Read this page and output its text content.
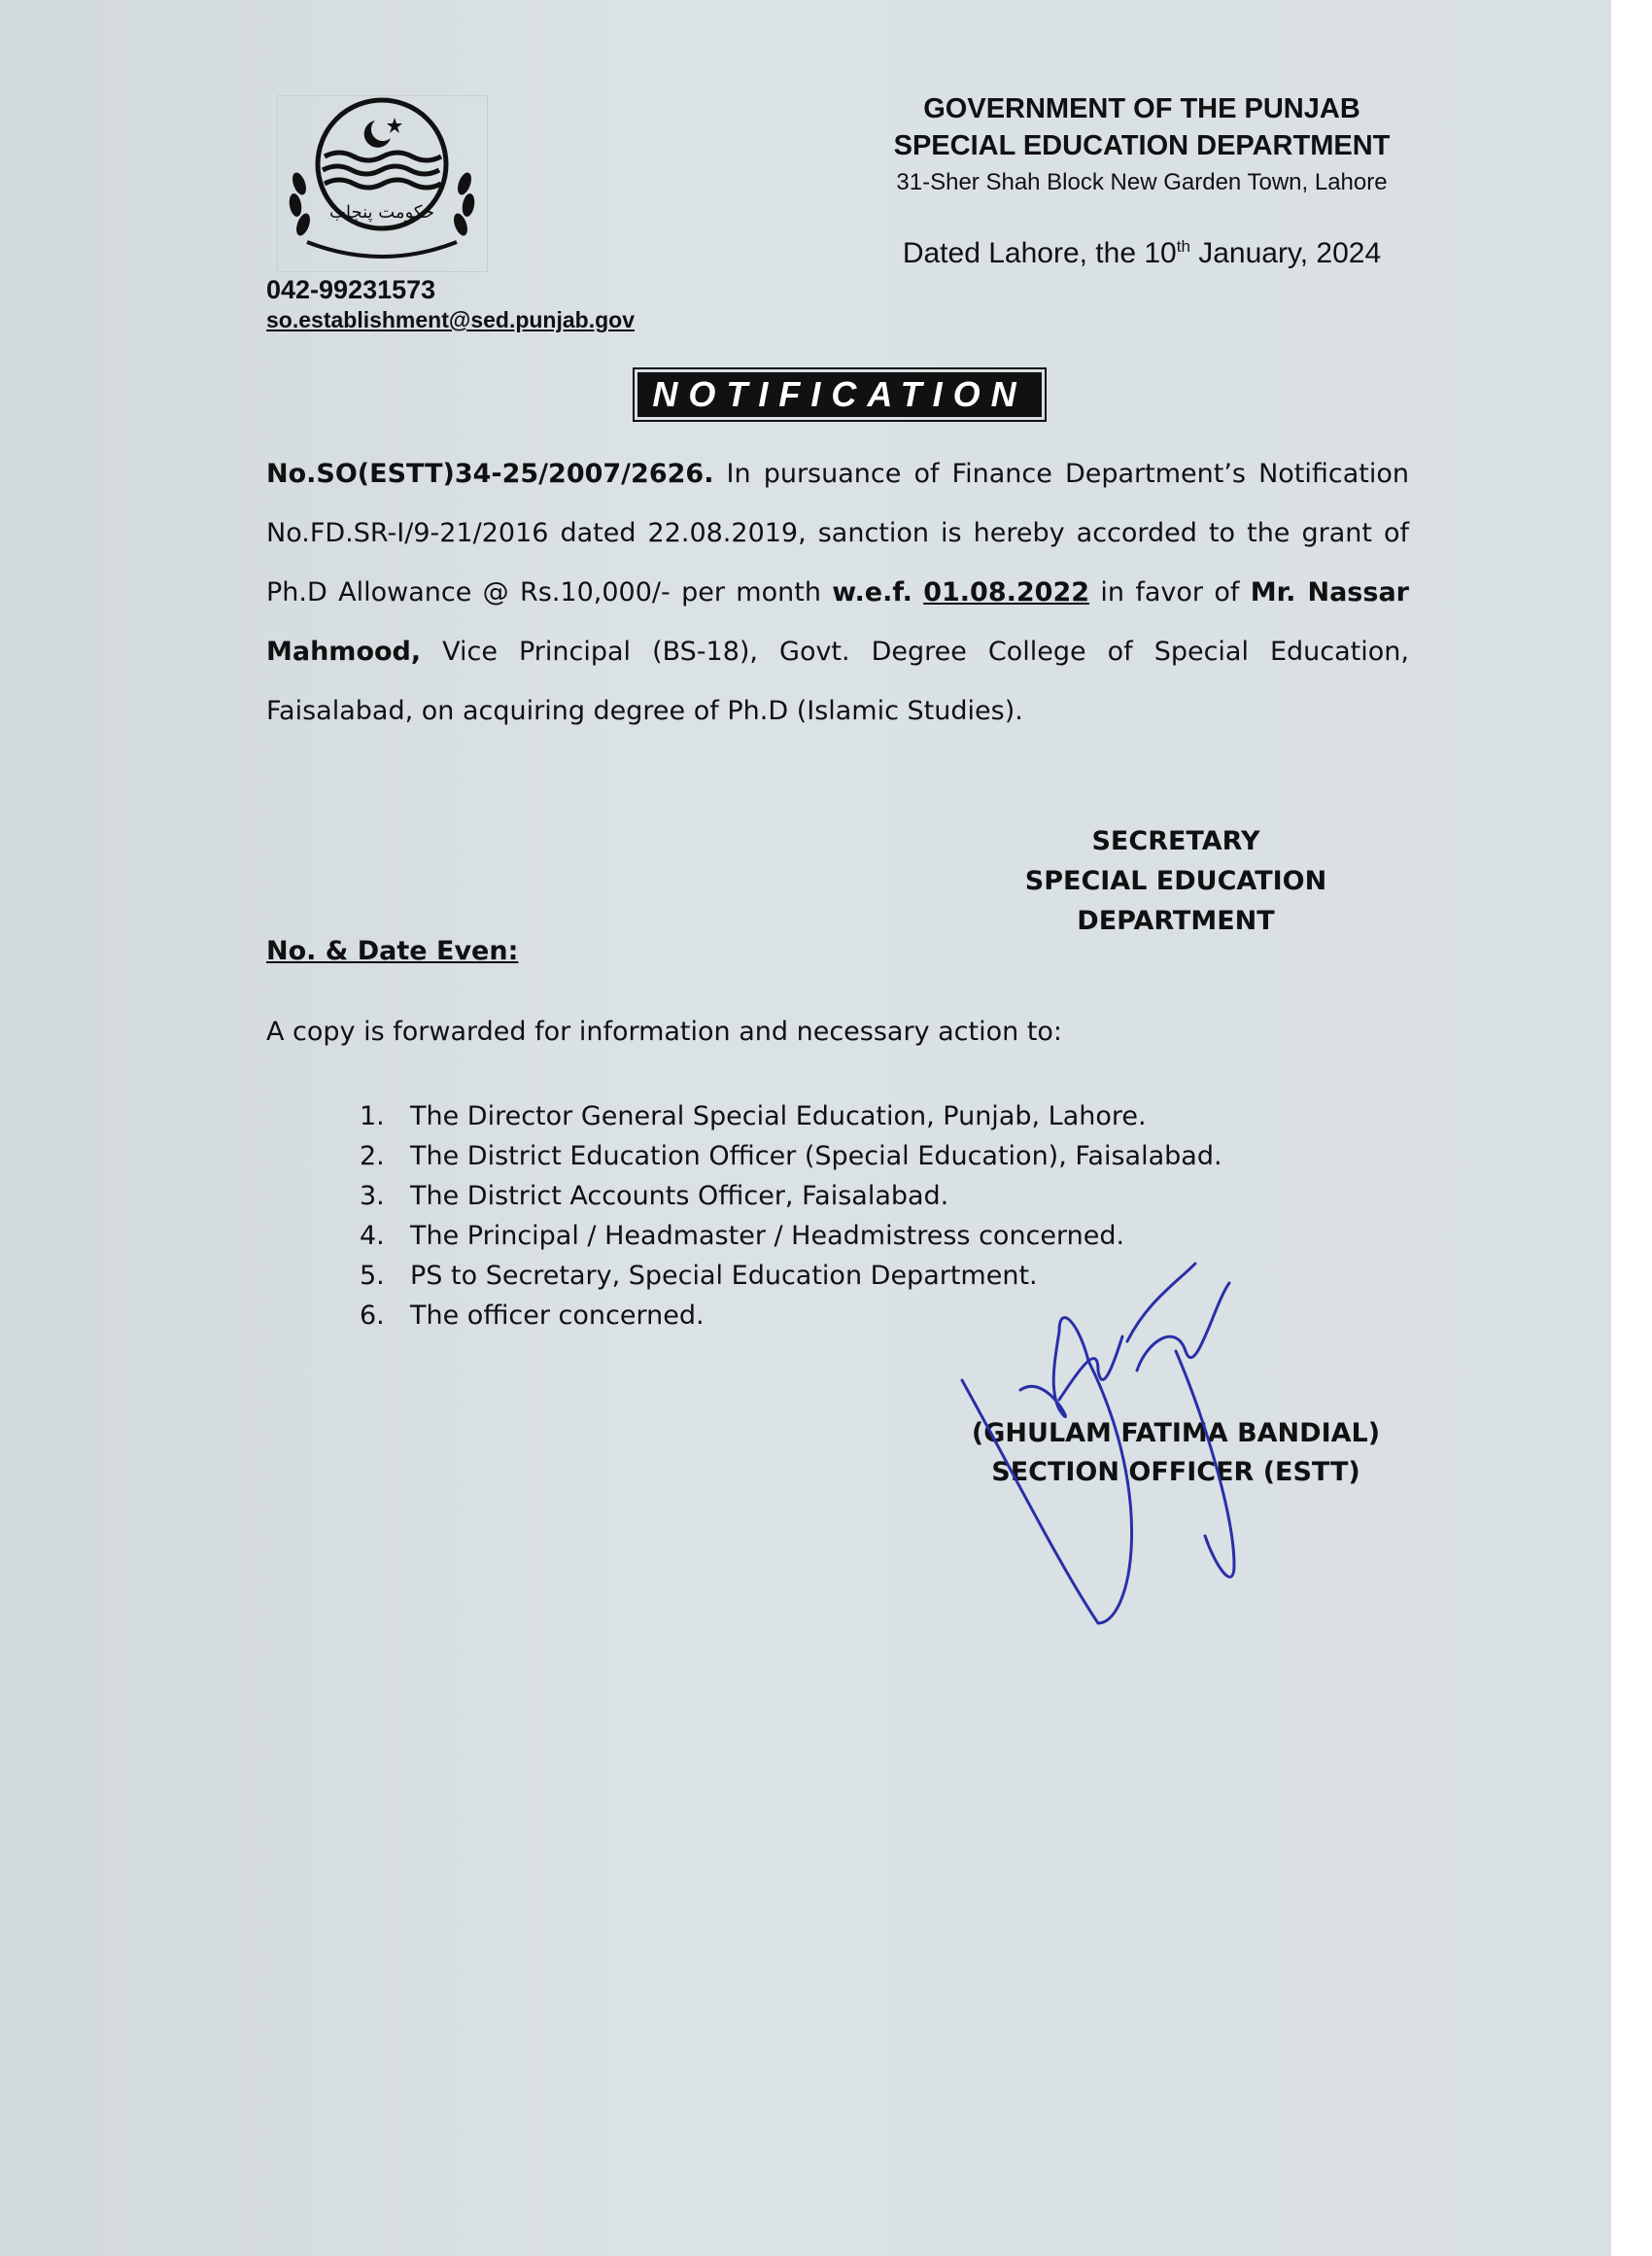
حکومت پنجاب
GOVERNMENT OF THE PUNJAB
SPECIAL EDUCATION DEPARTMENT
31-Sher Shah Block New Garden Town, Lahore
Dated Lahore, the 10th January, 2024
042-99231573
so.establishment@sed.punjab.gov
NOTIFICATION
No.SO(ESTT)34-25/2007/2626. In pursuance of Finance Department’s Notification No.FD.SR-I/9-21/2016 dated 22.08.2019, sanction is hereby accorded to the grant of Ph.D Allowance @ Rs.10,000/- per month w.e.f. 01.08.2022 in favor of Mr. Nassar Mahmood, Vice Principal (BS-18), Govt. Degree College of Special Education, Faisalabad, on acquiring degree of Ph.D (Islamic Studies).
SECRETARY
SPECIAL EDUCATION
DEPARTMENT
No. & Date Even:
A copy is forwarded for information and necessary action to:
1. The Director General Special Education, Punjab, Lahore.
2. The District Education Officer (Special Education), Faisalabad.
3. The District Accounts Officer, Faisalabad.
4. The Principal / Headmaster / Headmistress concerned.
5. PS to Secretary, Special Education Department.
6. The officer concerned.
(GHULAM FATIMA BANDIAL)
SECTION OFFICER (ESTT)
